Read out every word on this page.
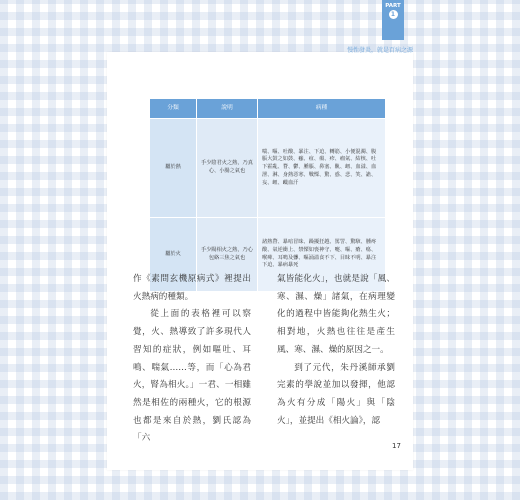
PART
1
慢性發炎，就是百病之源
分類	說明	病種
屬於熱	手少陰君火之熱，乃真心、小腸之氣也	喘、嘔、吐酸、暴注、下迫、轉筋、小便混濁、腹脹大鼓之如鼓、癰、疽、瘍、疹、瘤氣、結核、吐下霍亂、瞀、鬱、腫脹、鼻塞、鼽、衄、血溢、血泄、淋、身熱惡寒、戰慄、驚、惑、悲、笑、譫、妄、衄、衊血汗
屬於火	手少陽相火之熱，乃心包絡三焦之氣也	諸熱瞀、暴喑冒昧、躁擾狂越、罵詈、驚駭、腫疼酸、氣逆衝上、禁慄如喪神守、嚏、嘔、瘡、瘍、喉痺、耳鳴及聾、嘔涌溢食不下、目昧不明、暴注下迫、暴病暴死

作《素問玄機原病式》裡提出火熱病的種類。

從上面的表格裡可以察覺，火、熱導致了許多現代人習知的症狀，例如嘔吐、耳鳴、喘氣……等，而「心為君火，腎為相火。」一君、一相雖然是相佐的兩種火，它的根源也都是來自於熱，劉氏認為「六

氣皆能化火」，也就是說「風、寒、濕、燥」諸氣，在病理變化的過程中皆能夠化熱生火；相對地，火熱也往往是產生風、寒、濕、燥的原因之一。

到了元代，朱丹溪師承劉完素的學說並加以發揮，他認為火有分成「陽火」與「陰火」，並提出《相火論》，認

17
